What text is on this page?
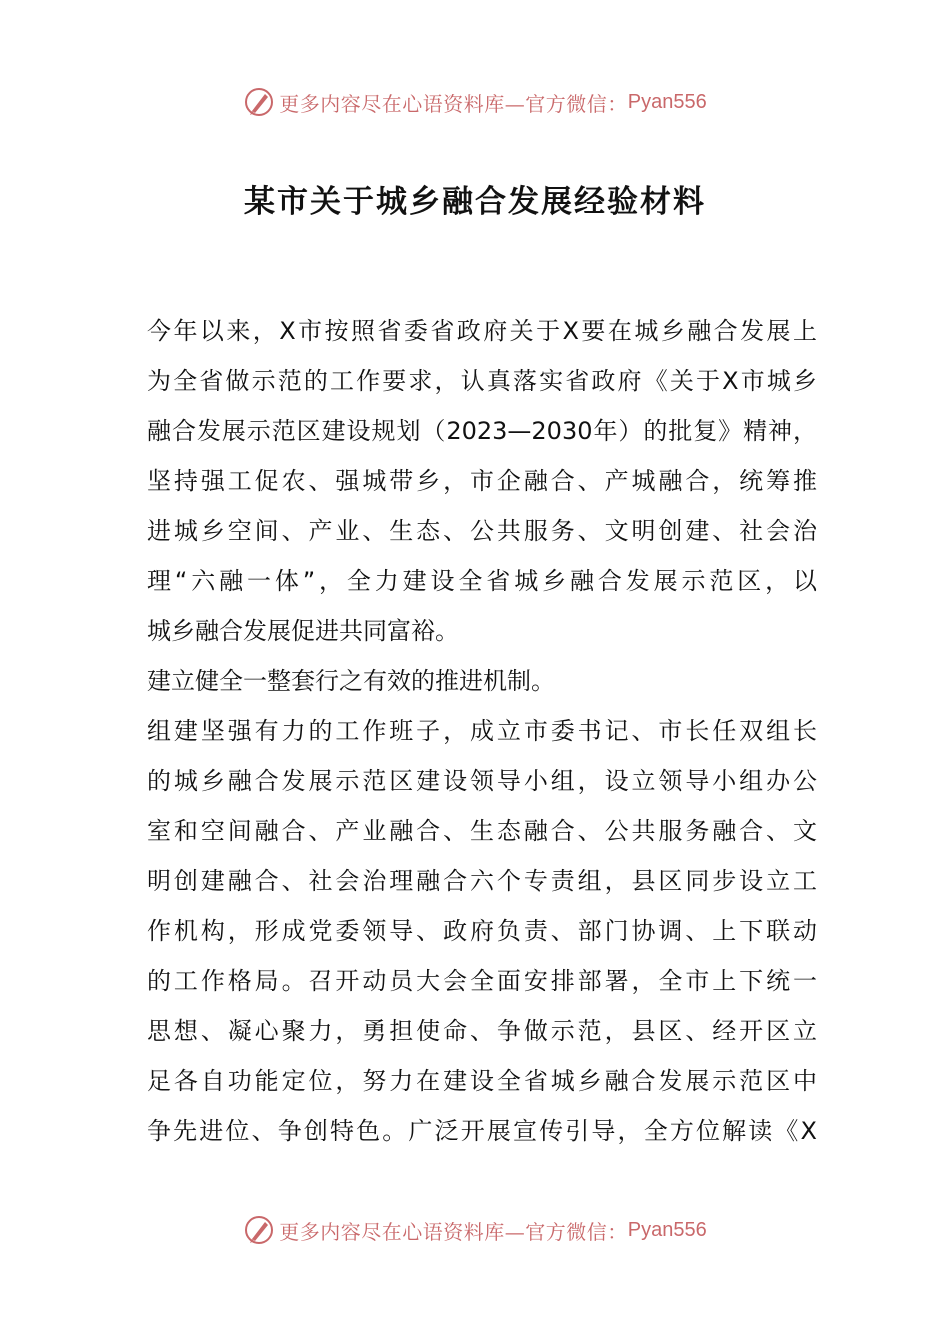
更多内容尽在心语资料库—官方微信： Pyan556
某市关于城乡融合发展经验材料
今年以来，X市按照省委省政府关于X要在城乡融合发展上
为全省做示范的工作要求，认真落实省政府《关于X市城乡
融合发展示范区建设规划（2023—2030年）的批复》精神，
坚持强工促农、强城带乡，市企融合、产城融合，统筹推
进城乡空间、产业、生态、公共服务、文明创建、社会治
理“六融一体”，全力建设全省城乡融合发展示范区，以
城乡融合发展促进共同富裕。
建立健全一整套行之有效的推进机制。
组建坚强有力的工作班子，成立市委书记、市长任双组长
的城乡融合发展示范区建设领导小组，设立领导小组办公
室和空间融合、产业融合、生态融合、公共服务融合、文
明创建融合、社会治理融合六个专责组，县区同步设立工
作机构，形成党委领导、政府负责、部门协调、上下联动
的工作格局。召开动员大会全面安排部署，全市上下统一
思想、凝心聚力，勇担使命、争做示范，县区、经开区立
足各自功能定位，努力在建设全省城乡融合发展示范区中
争先进位、争创特色。广泛开展宣传引导，全方位解读《X
更多内容尽在心语资料库—官方微信： Pyan556
